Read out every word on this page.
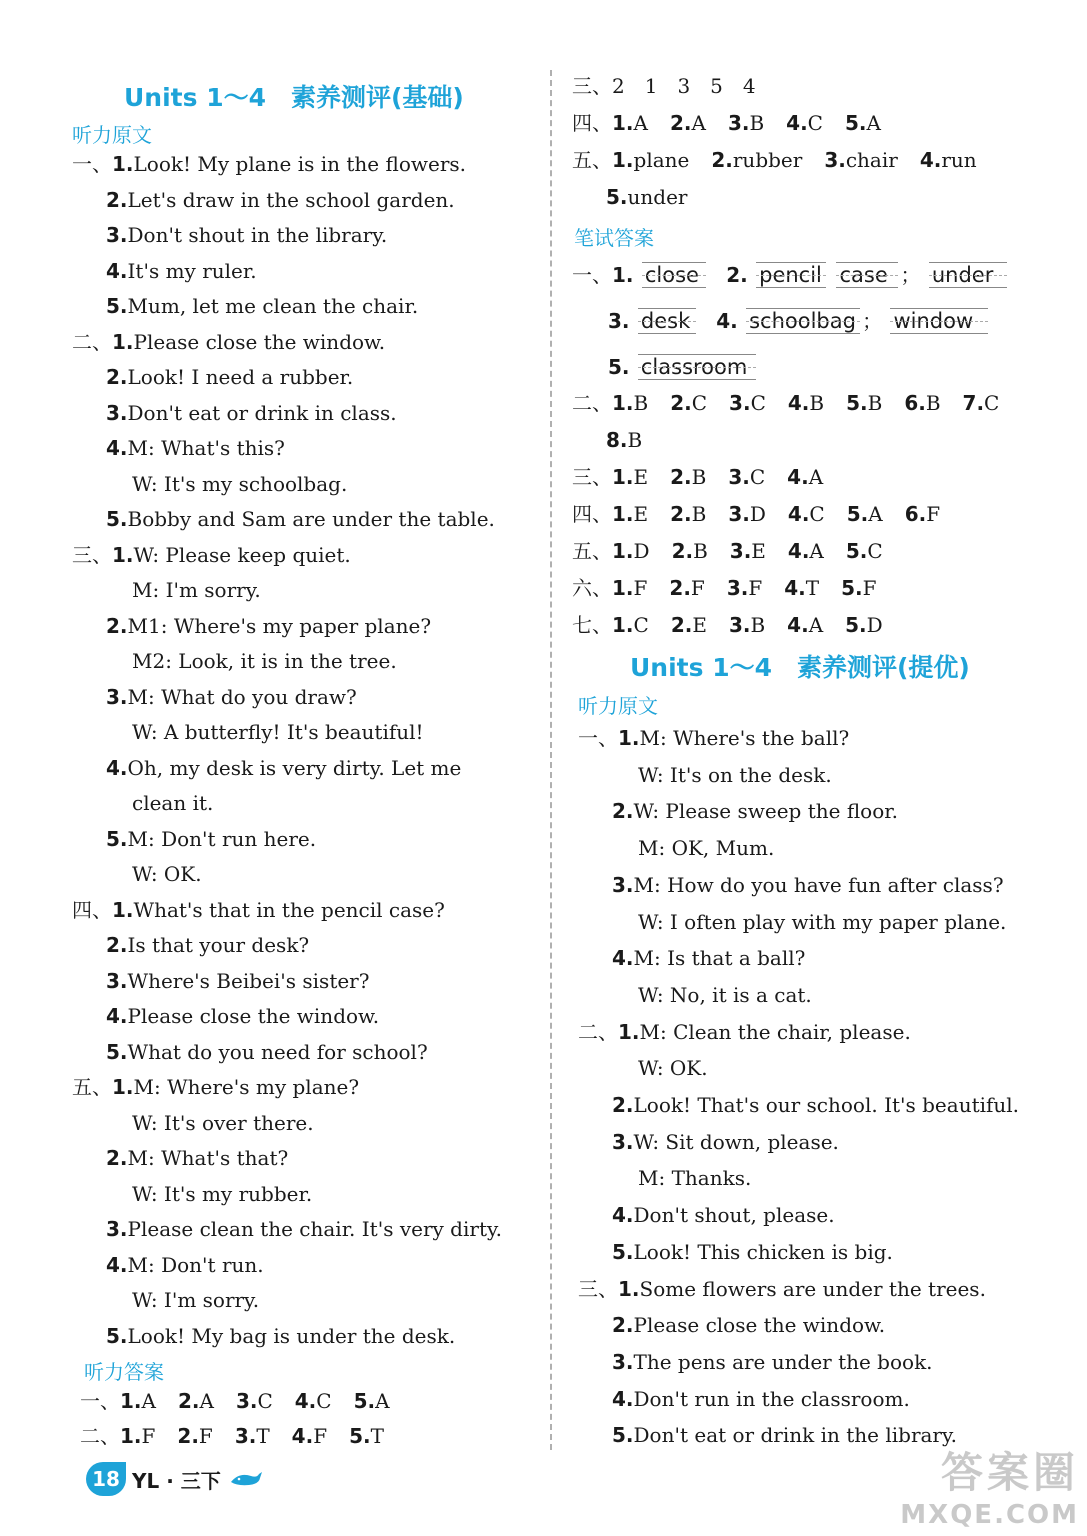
Units 1～4　素养测评(基础)
听力原文
一、1.Look! My plane is in the flowers.
2.Let's draw in the school garden.
3.Don't shout in the library.
4.It's my ruler.
5.Mum, let me clean the chair.
二、1.Please close the window.
2.Look! I need a rubber.
3.Don't eat or drink in class.
4.M: What's this?
W: It's my schoolbag.
5.Bobby and Sam are under the table.
三、1.W: Please keep quiet.
M: I'm sorry.
2.M1: Where's my paper plane?
M2: Look, it is in the tree.
3.M: What do you draw?
W: A butterfly! It's beautiful!
4.Oh, my desk is very dirty. Let me
clean it.
5.M: Don't run here.
W: OK.
四、1.What's that in the pencil case?
2.Is that your desk?
3.Where's Beibei's sister?
4.Please close the window.
5.What do you need for school?
五、1.M: Where's my plane?
W: It's over there.
2.M: What's that?
W: It's my rubber.
3.Please clean the chair. It's very dirty.
4.M: Don't run.
W: I'm sorry.
5.Look! My bag is under the desk.
听力答案
一、1.A 2.A 3.C 4.C 5.A
二、1.F 2.F 3.T 4.F 5.T
三、2　1　3　5　4
四、1.A 2.A 3.B 4.C 5.A
五、1.plane 2.rubber 3.chair 4.run
5.under
笔试答案
一、1. close 2. pencil case ； under
3. desk 4. schoolbag ； window
5. classroom
二、1.B 2.C 3.C 4.B 5.B 6.B 7.C
8.B
三、1.E 2.B 3.C 4.A
四、1.E 2.B 3.D 4.C 5.A 6.F
五、1.D 2.B 3.E 4.A 5.C
六、1.F 2.F 3.F 4.T 5.F
七、1.C 2.E 3.B 4.A 5.D
Units 1～4　素养测评(提优)
听力原文
一、1.M: Where's the ball?
W: It's on the desk.
2.W: Please sweep the floor.
M: OK, Mum.
3.M: How do you have fun after class?
W: I often play with my paper plane.
4.M: Is that a ball?
W: No, it is a cat.
二、1.M: Clean the chair, please.
W: OK.
2.Look! That's our school. It's beautiful.
3.W: Sit down, please.
M: Thanks.
4.Don't shout, please.
5.Look! This chicken is big.
三、1.Some flowers are under the trees.
2.Please close the window.
3.The pens are under the book.
4.Don't run in the classroom.
5.Don't eat or drink in the library.
18 YL · 三下	答案圈
MXQE.COM
